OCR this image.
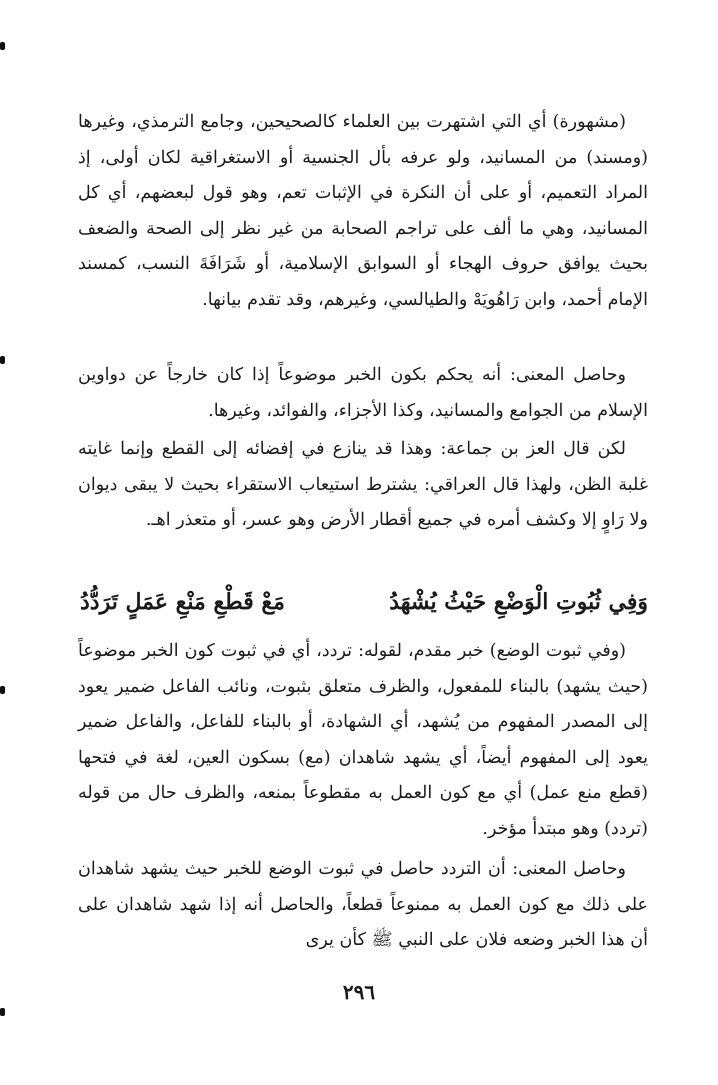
(مشهورة) أي التي اشتهرت بين العلماء كالصحيحين، وجامع الترمذي، وغيرها (ومسند) من المسانيد، ولو عرفه بأل الجنسية أو الاستغراقية لكان أولى، إذ المراد التعميم، أو على أن النكرة في الإثبات تعم، وهو قول لبعضهم، أي كل المسانيد، وهي ما ألف على تراجم الصحابة من غير نظر إلى الصحة والضعف بحيث يوافق حروف الهجاء أو السوابق الإسلامية، أو شَرَافَةَ النسب، كمسند الإمام أحمد، وابن رَاهُويَهْ والطيالسي، وغيرهم، وقد تقدم بيانها.

وحاصل المعنى: أنه يحكم بكون الخبر موضوعاً إذا كان خارجاً عن دواوين الإسلام من الجوامع والمسانيد، وكذا الأجزاء، والفوائد، وغيرها.

لكن قال العز بن جماعة: وهذا قد ينازع في إفضائه إلى القطع وإنما غايته غلبة الظن، ولهذا قال العراقي: يشترط استيعاب الاستقراء بحيث لا يبقى ديوان ولا رَاوٍ إلا وكشف أمره في جميع أقطار الأرض وهو عسر، أو متعذر اهـ.

وَفِي ثُبُوتِ الْوَضْعِ حَيْثُ يُشْهَدُ
مَعْ قَطْعِ مَنْعِ عَمَلٍ تَرَدُّدُ

(وفي ثبوت الوضع) خبر مقدم، لقوله: تردد، أي في ثبوت كون الخبر موضوعاً (حيث يشهد) بالبناء للمفعول، والظرف متعلق بثبوت، ونائب الفاعل ضمير يعود إلى المصدر المفهوم من يُشهد، أي الشهادة، أو بالبناء للفاعل، والفاعل ضمير يعود إلى المفهوم أيضاً، أي يشهد شاهدان (مع) بسكون العين، لغة في فتحها (قطع منع عمل) أي مع كون العمل به مقطوعاً بمنعه، والظرف حال من قوله (تردد) وهو مبتدأ مؤخر.

وحاصل المعنى: أن التردد حاصل في ثبوت الوضع للخبر حيث يشهد شاهدان على ذلك مع كون العمل به ممنوعاً قطعاً، والحاصل أنه إذا شهد شاهدان على أن هذا الخبر وضعه فلان على النبي ﷺ كأن يرى

٢٩٦
